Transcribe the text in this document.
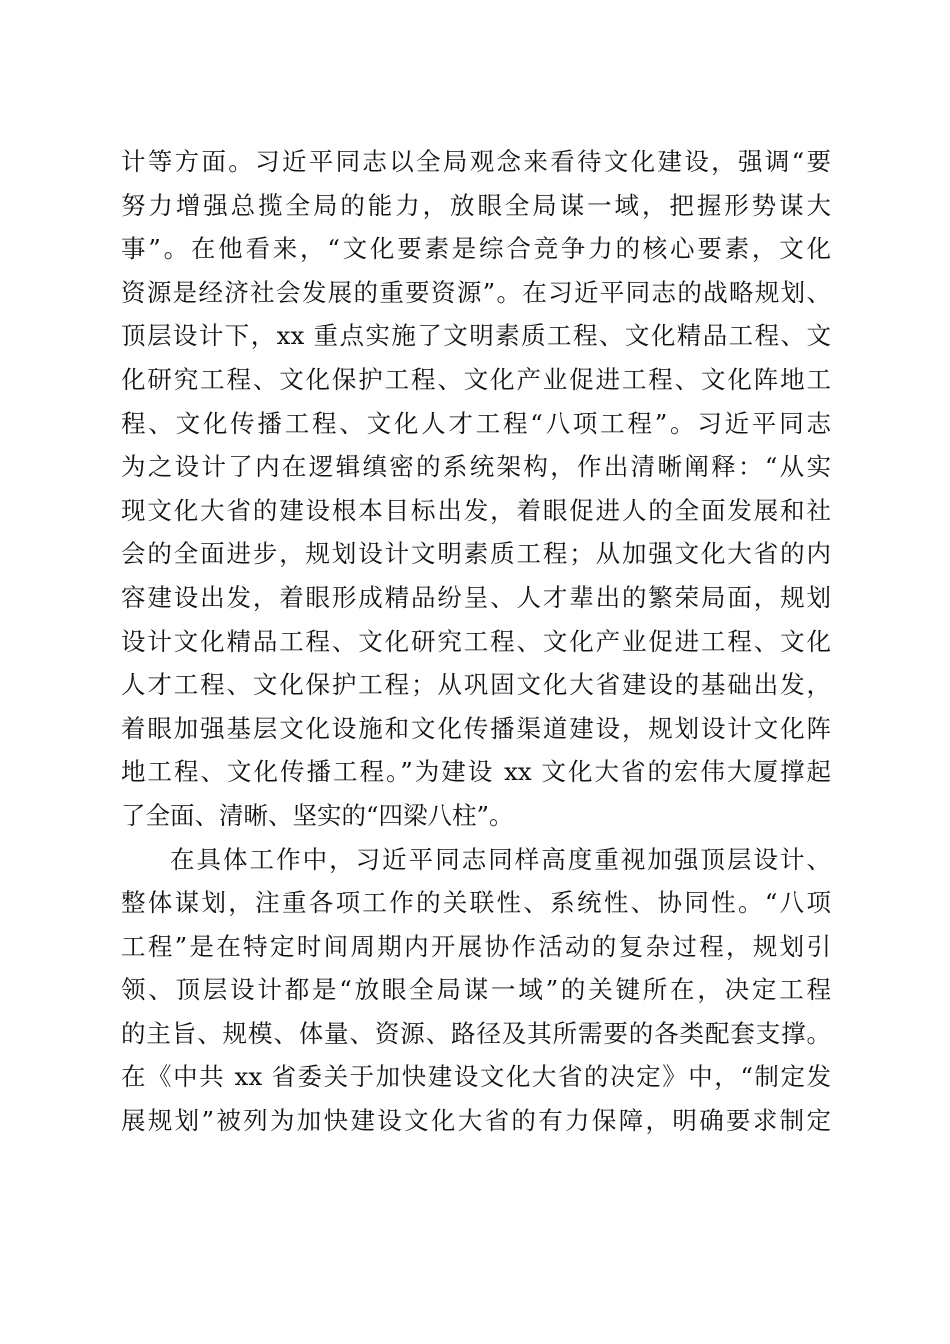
计等方面。习近平同志以全局观念来看待文化建设，强调“要
努力增强总揽全局的能力，放眼全局谋一域，把握形势谋大
事”。在他看来，“文化要素是综合竞争力的核心要素，文化
资源是经济社会发展的重要资源”。在习近平同志的战略规划、
顶层设计下，xx 重点实施了文明素质工程、文化精品工程、文
化研究工程、文化保护工程、文化产业促进工程、文化阵地工
程、文化传播工程、文化人才工程“八项工程”。习近平同志
为之设计了内在逻辑缜密的系统架构，作出清晰阐释：“从实
现文化大省的建设根本目标出发，着眼促进人的全面发展和社
会的全面进步，规划设计文明素质工程；从加强文化大省的内
容建设出发，着眼形成精品纷呈、人才辈出的繁荣局面，规划
设计文化精品工程、文化研究工程、文化产业促进工程、文化
人才工程、文化保护工程；从巩固文化大省建设的基础出发，
着眼加强基层文化设施和文化传播渠道建设，规划设计文化阵
地工程、文化传播工程。”为建设 xx 文化大省的宏伟大厦撑起
了全面、清晰、坚实的“四梁八柱”。
在具体工作中，习近平同志同样高度重视加强顶层设计、
整体谋划，注重各项工作的关联性、系统性、协同性。“八项
工程”是在特定时间周期内开展协作活动的复杂过程，规划引
领、顶层设计都是“放眼全局谋一域”的关键所在，决定工程
的主旨、规模、体量、资源、路径及其所需要的各类配套支撑。
在《中共 xx 省委关于加快建设文化大省的决定》中，“制定发
展规划”被列为加快建设文化大省的有力保障，明确要求制定
